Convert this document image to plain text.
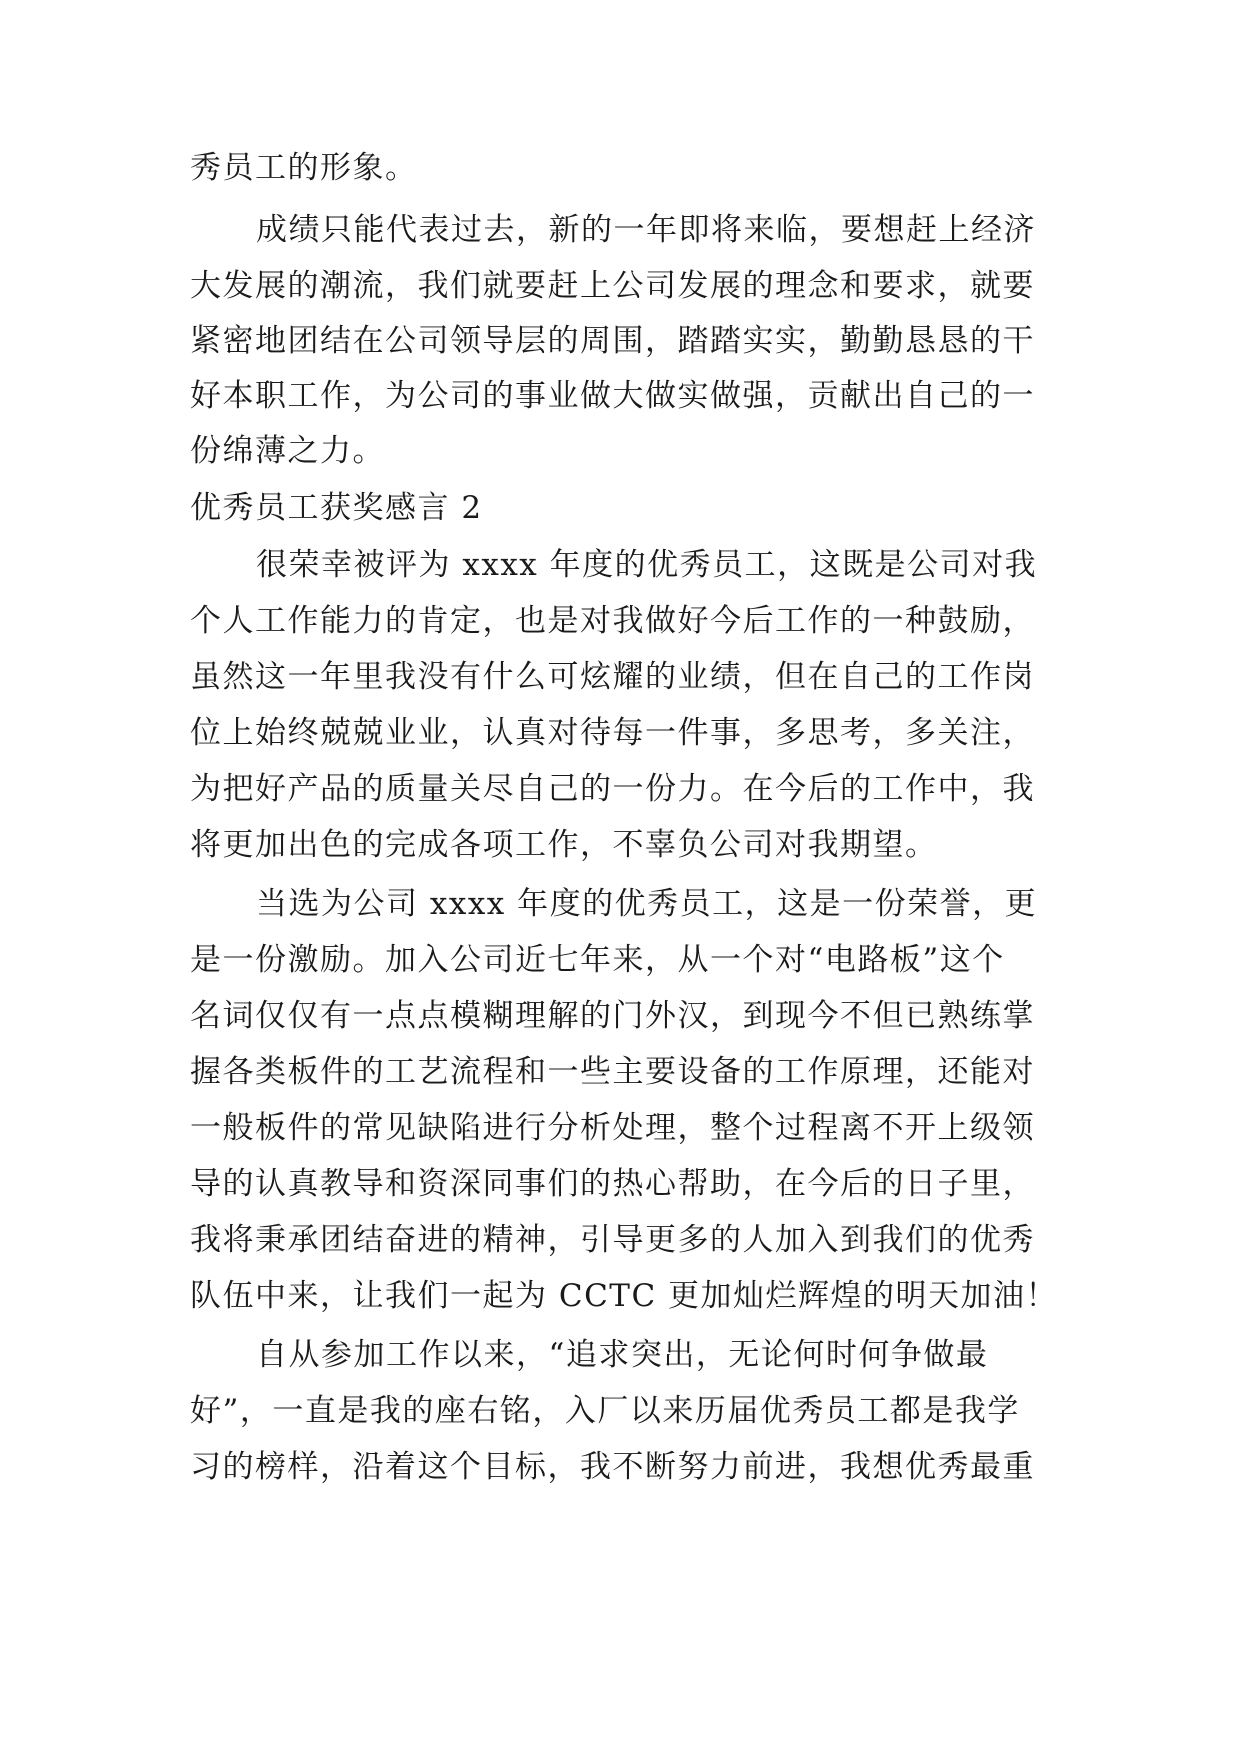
秀员工的形象。
成绩只能代表过去，新的一年即将来临，要想赶上经济
大发展的潮流，我们就要赶上公司发展的理念和要求，就要
紧密地团结在公司领导层的周围，踏踏实实，勤勤恳恳的干
好本职工作，为公司的事业做大做实做强，贡献出自己的一
份绵薄之力。
优秀员工获奖感言 2
很荣幸被评为 xxxx 年度的优秀员工，这既是公司对我
个人工作能力的肯定，也是对我做好今后工作的一种鼓励，
虽然这一年里我没有什么可炫耀的业绩，但在自己的工作岗
位上始终兢兢业业，认真对待每一件事，多思考，多关注，
为把好产品的质量关尽自己的一份力。在今后的工作中，我
将更加出色的完成各项工作，不辜负公司对我期望。
当选为公司 xxxx 年度的优秀员工，这是一份荣誉，更
是一份激励。加入公司近七年来，从一个对“电路板”这个
名词仅仅有一点点模糊理解的门外汉，到现今不但已熟练掌
握各类板件的工艺流程和一些主要设备的工作原理，还能对
一般板件的常见缺陷进行分析处理，整个过程离不开上级领
导的认真教导和资深同事们的热心帮助，在今后的日子里，
我将秉承团结奋进的精神，引导更多的人加入到我们的优秀
队伍中来，让我们一起为 CCTC 更加灿烂辉煌的明天加油！
自从参加工作以来，“追求突出，无论何时何争做最
好”，一直是我的座右铭，入厂以来历届优秀员工都是我学
习的榜样，沿着这个目标，我不断努力前进，我想优秀最重
